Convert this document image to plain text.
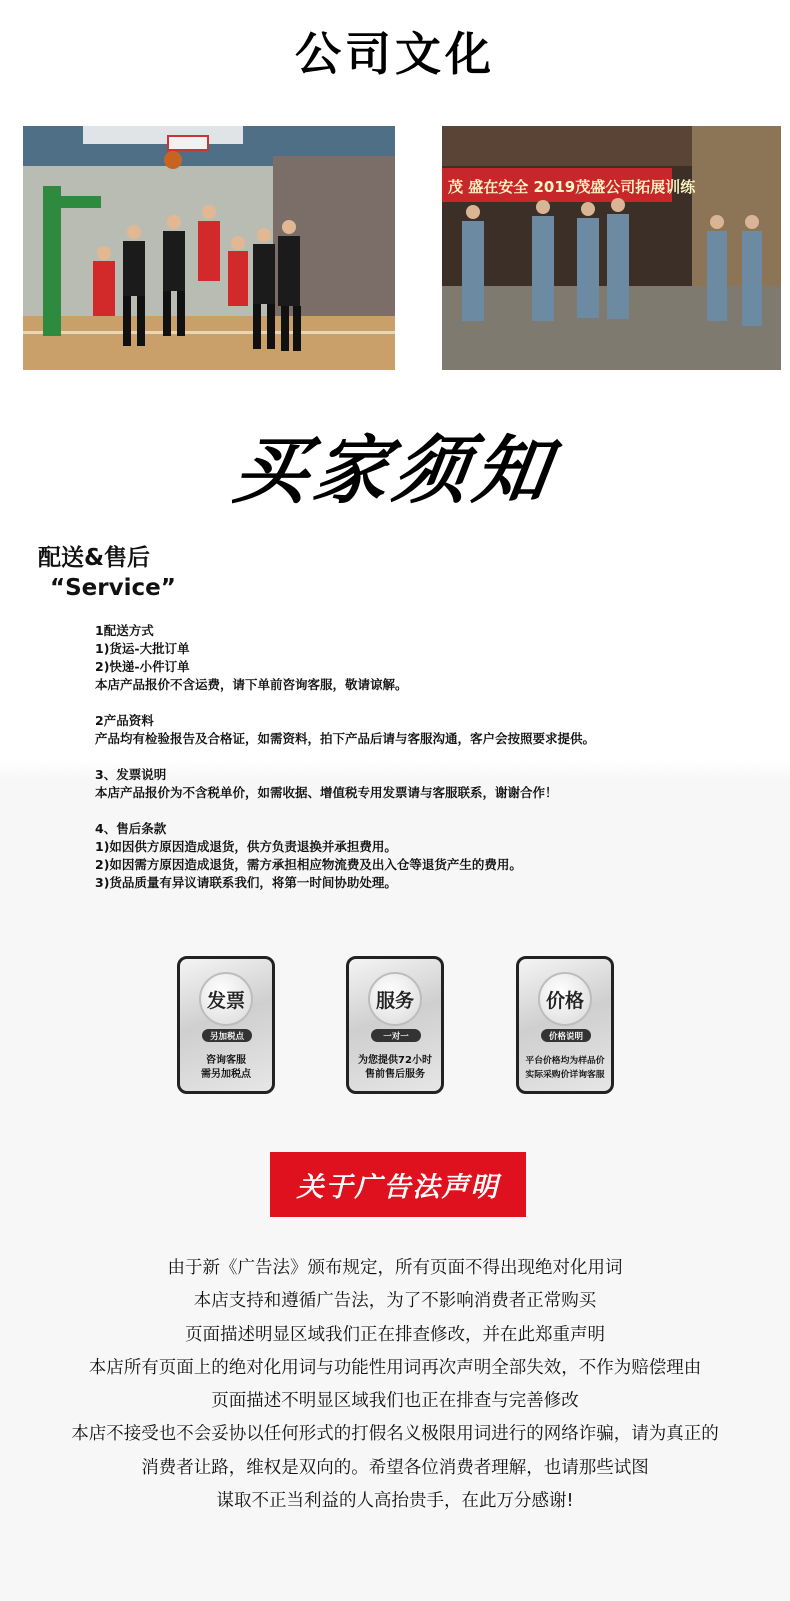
公司文化
茂 盛在安全 2019茂盛公司拓展训练
买家须知
配送&售后
“Service”
1配送方式
1)货运-大批订单
2)快递-小件订单
本店产品报价不含运费，请下单前咨询客服，敬请谅解。
2产品资料
产品均有检验报告及合格证，如需资料，拍下产品后请与客服沟通，客户会按照要求提供。
3、发票说明
本店产品报价为不含税单价，如需收据、增值税专用发票请与客服联系，谢谢合作！
4、售后条款
1)如因供方原因造成退货，供方负责退换并承担费用。
2)如因需方原因造成退货，需方承担相应物流费及出入仓等退货产生的费用。
3)货品质量有异议请联系我们，将第一时间协助处理。
发票
另加税点
咨询客服
需另加税点
服务
一对一
为您提供72小时
售前售后服务
价格
价格说明
平台价格均为样品价
实际采购价详询客服
关于广告法声明
由于新《广告法》颁布规定，所有页面不得出现绝对化用词
本店支持和遵循广告法，为了不影响消费者正常购买
页面描述明显区域我们正在排查修改，并在此郑重声明
本店所有页面上的绝对化用词与功能性用词再次声明全部失效，不作为赔偿理由
页面描述不明显区域我们也正在排查与完善修改
本店不接受也不会妥协以任何形式的打假名义极限用词进行的网络诈骗，请为真正的
消费者让路，维权是双向的。希望各位消费者理解，也请那些试图
谋取不正当利益的人高抬贵手，在此万分感谢!
